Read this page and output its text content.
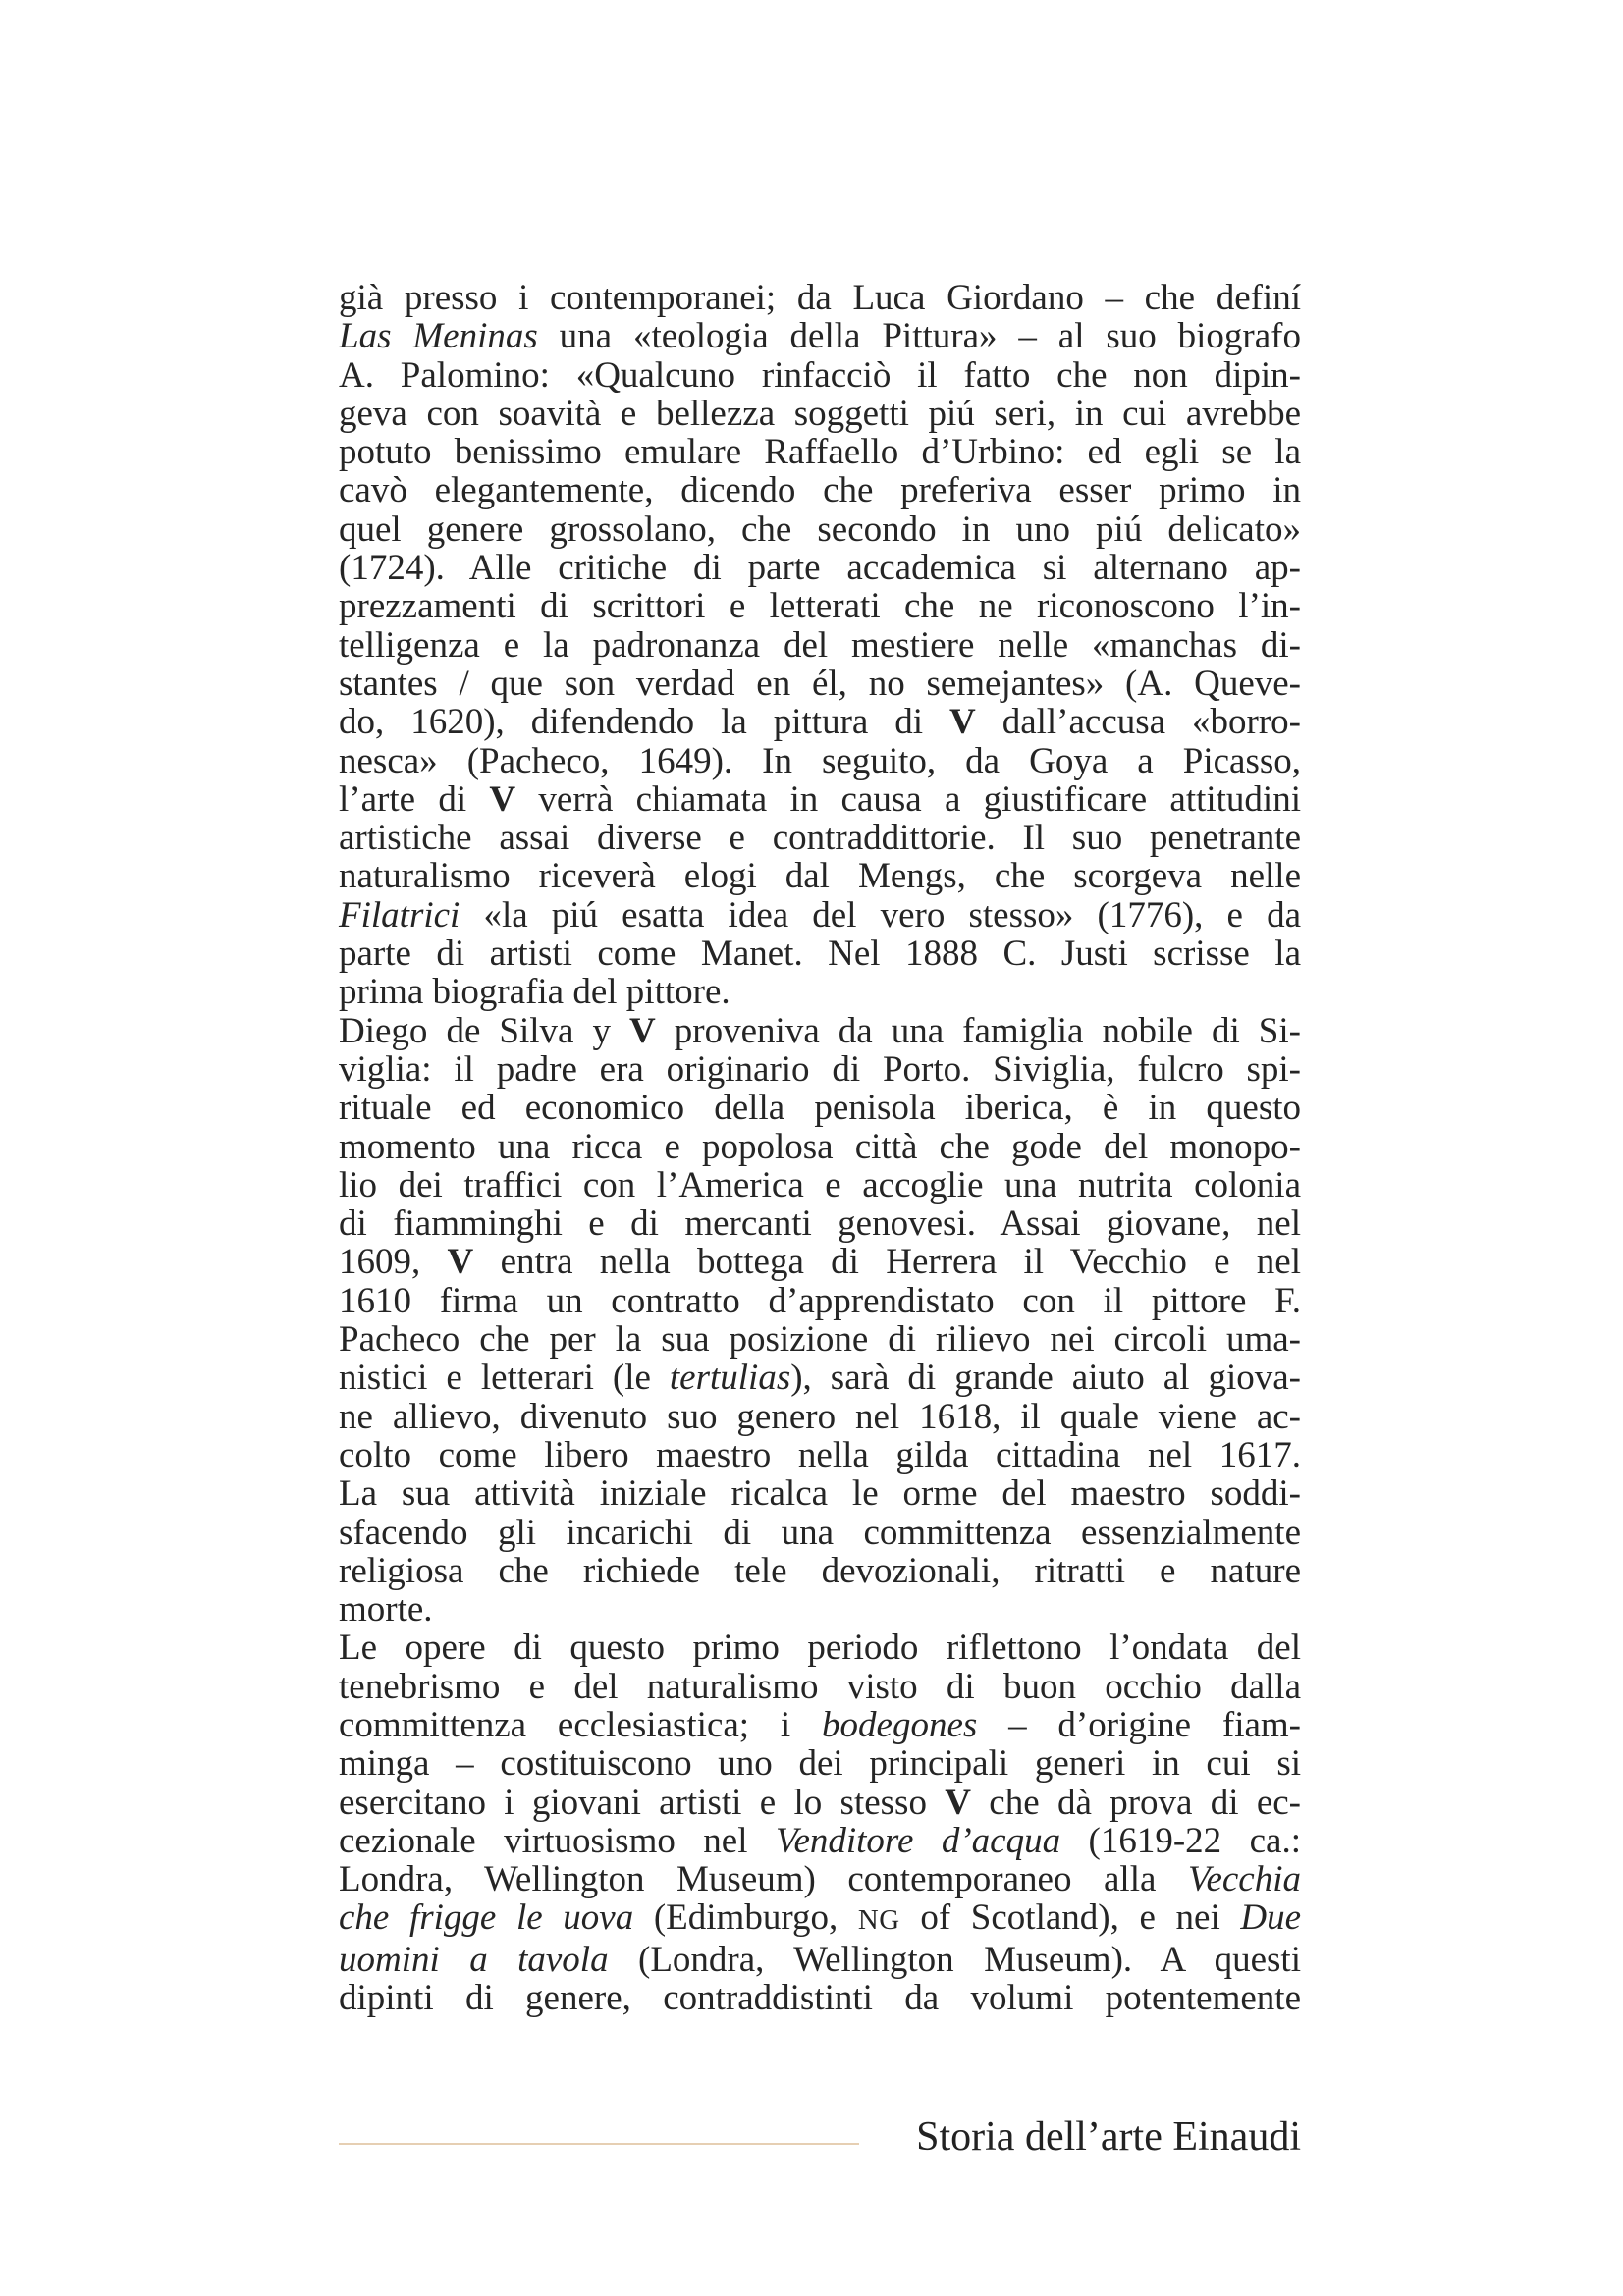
già presso i contemporanei; da Luca Giordano – che definí
Las Meninas una «teologia della Pittura» – al suo biografo
A. Palomino: «Qualcuno rinfacciò il fatto che non dipin-
geva con soavità e bellezza soggetti piú seri, in cui avrebbe
potuto benissimo emulare Raffaello d’Urbino: ed egli se la
cavò elegantemente, dicendo che preferiva esser primo in
quel genere grossolano, che secondo in uno piú delicato»
(1724). Alle critiche di parte accademica si alternano ap-
prezzamenti di scrittori e letterati che ne riconoscono l’in-
telligenza e la padronanza del mestiere nelle «manchas di-
stantes / que son verdad en él, no semejantes» (A. Queve-
do, 1620), difendendo la pittura di V dall’accusa «borro-
nesca» (Pacheco, 1649). In seguito, da Goya a Picasso,
l’arte di V verrà chiamata in causa a giustificare attitudini
artistiche assai diverse e contraddittorie. Il suo penetrante
naturalismo riceverà elogi dal Mengs, che scorgeva nelle
Filatrici «la piú esatta idea del vero stesso» (1776), e da
parte di artisti come Manet. Nel 1888 C. Justi scrisse la
prima biografia del pittore.
Diego de Silva y V proveniva da una famiglia nobile di Si-
viglia: il padre era originario di Porto. Siviglia, fulcro spi-
rituale ed economico della penisola iberica, è in questo
momento una ricca e popolosa città che gode del monopo-
lio dei traffici con l’America e accoglie una nutrita colonia
di fiamminghi e di mercanti genovesi. Assai giovane, nel
1609, V entra nella bottega di Herrera il Vecchio e nel
1610 firma un contratto d’apprendistato con il pittore F.
Pacheco che per la sua posizione di rilievo nei circoli uma-
nistici e letterari (le tertulias), sarà di grande aiuto al giova-
ne allievo, divenuto suo genero nel 1618, il quale viene ac-
colto come libero maestro nella gilda cittadina nel 1617.
La sua attività iniziale ricalca le orme del maestro soddi-
sfacendo gli incarichi di una committenza essenzialmente
religiosa che richiede tele devozionali, ritratti e nature
morte.
Le opere di questo primo periodo riflettono l’ondata del
tenebrismo e del naturalismo visto di buon occhio dalla
committenza ecclesiastica; i bodegones – d’origine fiam-
minga – costituiscono uno dei principali generi in cui si
esercitano i giovani artisti e lo stesso V che dà prova di ec-
cezionale virtuosismo nel Venditore d’acqua (1619-22 ca.:
Londra, Wellington Museum) contemporaneo alla Vecchia
che frigge le uova (Edimburgo, NG of Scotland), e nei Due
uomini a tavola (Londra, Wellington Museum). A questi
dipinti di genere, contraddistinti da volumi potentemente
Storia dell’arte Einaudi
